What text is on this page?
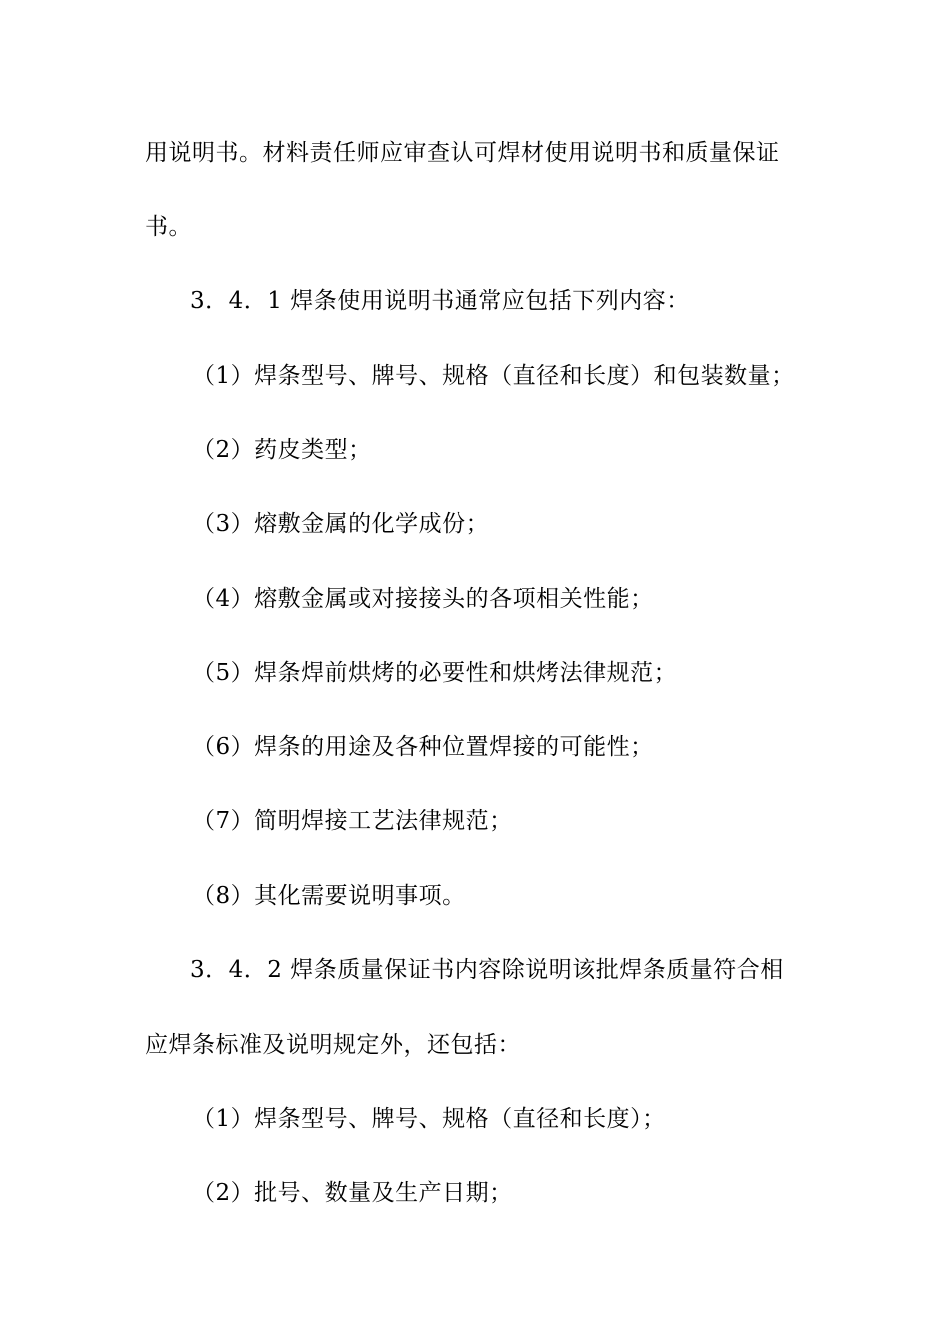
用说明书。材料责任师应审查认可焊材使用说明书和质量保证
书。
3．4．1 焊条使用说明书通常应包括下列内容：
（1）焊条型号、牌号、规格（直径和长度）和包装数量；
（2）药皮类型；
（3）熔敷金属的化学成份；
（4）熔敷金属或对接接头的各项相关性能；
（5）焊条焊前烘烤的必要性和烘烤法律规范；
（6）焊条的用途及各种位置焊接的可能性；
（7）简明焊接工艺法律规范；
（8）其化需要说明事项。
3．4．2 焊条质量保证书内容除说明该批焊条质量符合相
应焊条标准及说明规定外，还包括：
（1）焊条型号、牌号、规格（直径和长度）；
（2）批号、数量及生产日期；
